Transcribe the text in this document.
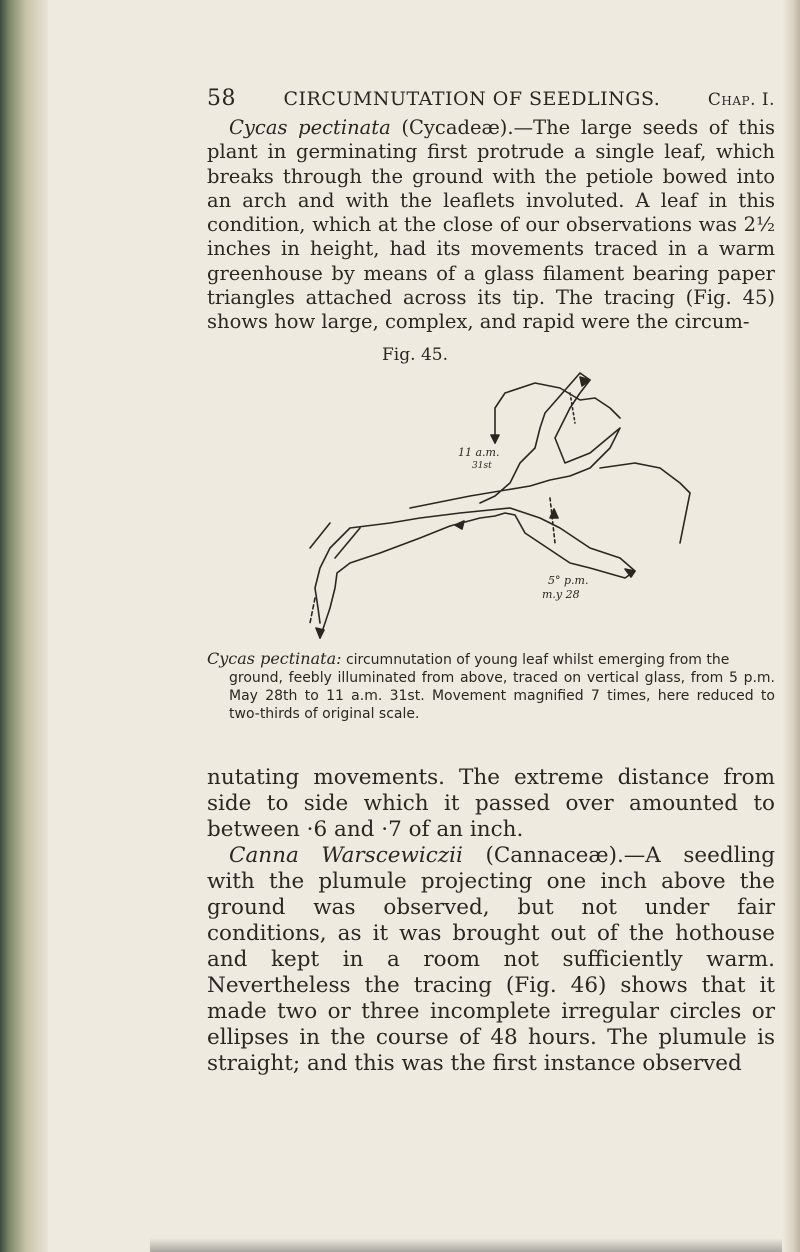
58	CIRCUMNUTATION OF SEEDLINGS.	Chap. I.

Cycas pectinata (Cycadeæ).—The large seeds of this plant in germinating first protrude a single leaf, which breaks through the ground with the petiole bowed into an arch and with the leaflets involuted. A leaf in this condition, which at the close of our observations was 2½ inches in height, had its movements traced in a warm greenhouse by means of a glass filament bearing paper triangles attached across its tip. The tracing (Fig. 45) shows how large, complex, and rapid were the circum-

Fig. 45.
11 a.m.
31st
5° p.m.
m.y 28
Cycas pectinata: circumnutation of young leaf whilst emerging from the
ground, feebly illuminated from above, traced on vertical glass, from 5 p.m. May 28th to 11 a.m. 31st. Movement magnified 7 times, here reduced to two-thirds of original scale.

nutating movements. The extreme distance from side to side which it passed over amounted to between ·6 and ·7 of an inch.

Canna Warscewiczii (Cannaceæ).—A seedling with the plumule projecting one inch above the ground was observed, but not under fair conditions, as it was brought out of the hothouse and kept in a room not sufficiently warm. Nevertheless the tracing (Fig. 46) shows that it made two or three incomplete irregular circles or ellipses in the course of 48 hours. The plumule is straight; and this was the first instance observed
